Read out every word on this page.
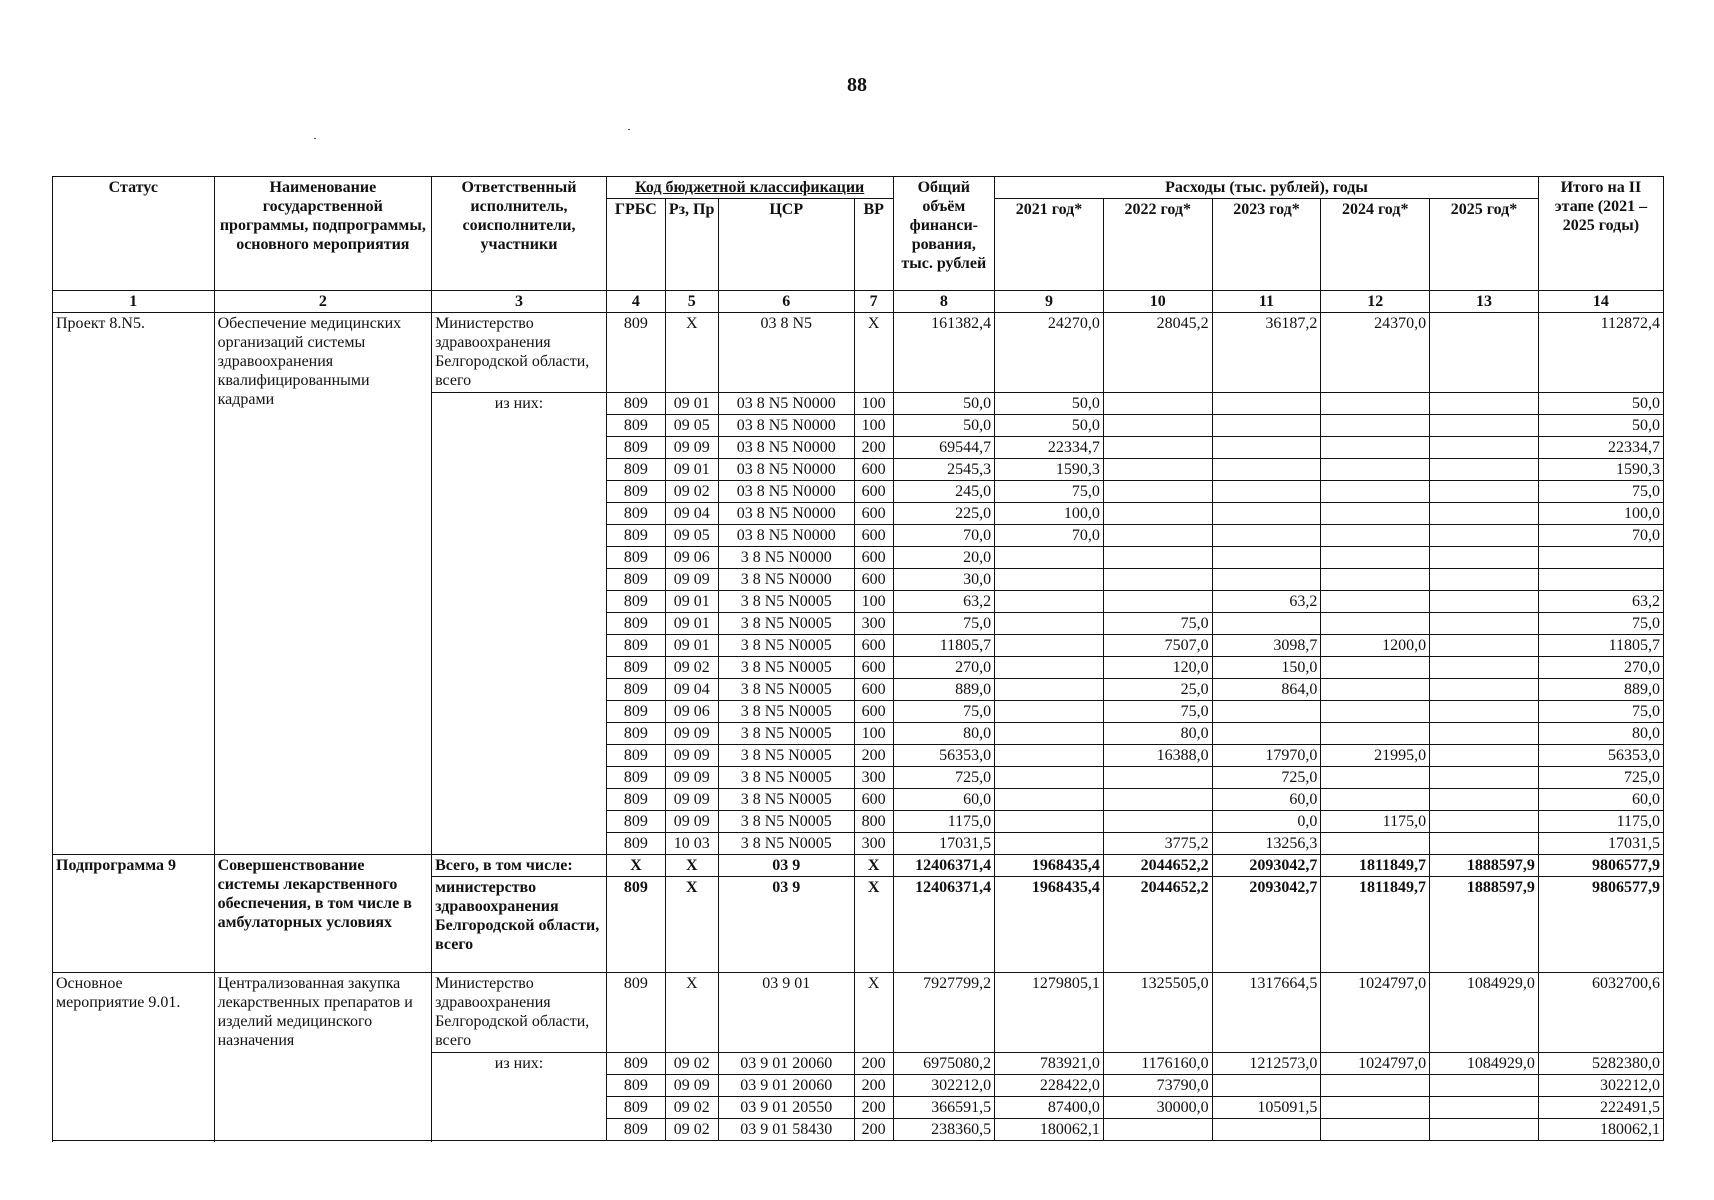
88
Статус	Наименование государственной программы, подпрограммы, основного мероприятия	Ответственный исполнитель, соисполнители, участники	Код бюджетной классификации				Общий объём финанси-рования, тыс. рублей	Расходы (тыс. рублей), годы					Итого на II этапе (2021 – 2025 годы)
			ГРБС	Рз, Пр	ЦСР	ВР		2021 год*	2022 год*	2023 год*	2024 год*	2025 год*	
1	2	3	4	5	6	7	8	9	10	11	12	13	14
Проект 8.N5.	Обеспечение медицинских организаций системы здравоохранения квалифицированными кадрами	Министерство здравоохранения Белгородской области, всего	809	Х	03 8 N5	Х	161382,4	24270,0	28045,2	36187,2	24370,0		112872,4
		из них:	809	09 01	03 8 N5 N0000	100	50,0	50,0					50,0
			809	09 05	03 8 N5 N0000	100	50,0	50,0					50,0
			809	09 09	03 8 N5 N0000	200	69544,7	22334,7					22334,7
			809	09 01	03 8 N5 N0000	600	2545,3	1590,3					1590,3
			809	09 02	03 8 N5 N0000	600	245,0	75,0					75,0
			809	09 04	03 8 N5 N0000	600	225,0	100,0					100,0
			809	09 05	03 8 N5 N0000	600	70,0	70,0					70,0
			809	09 06	3 8 N5 N0000	600	20,0						
			809	09 09	3 8 N5 N0000	600	30,0						
			809	09 01	3 8 N5 N0005	100	63,2			63,2			63,2
			809	09 01	3 8 N5 N0005	300	75,0		75,0				75,0
			809	09 01	3 8 N5 N0005	600	11805,7		7507,0	3098,7	1200,0		11805,7
			809	09 02	3 8 N5 N0005	600	270,0		120,0	150,0			270,0
			809	09 04	3 8 N5 N0005	600	889,0		25,0	864,0			889,0
			809	09 06	3 8 N5 N0005	600	75,0		75,0				75,0
			809	09 09	3 8 N5 N0005	100	80,0		80,0				80,0
			809	09 09	3 8 N5 N0005	200	56353,0		16388,0	17970,0	21995,0		56353,0
			809	09 09	3 8 N5 N0005	300	725,0			725,0			725,0
			809	09 09	3 8 N5 N0005	600	60,0			60,0			60,0
			809	09 09	3 8 N5 N0005	800	1175,0			0,0	1175,0		1175,0
			809	10 03	3 8 N5 N0005	300	17031,5		3775,2	13256,3			17031,5

Подпрограмма 9	Совершенствование системы лекарственного обеспечения, в том числе в амбулаторных условиях	Всего, в том числе:	Х	Х	03 9	Х	12406371,4	1968435,4	2044652,2	2093042,7	1811849,7	1888597,9	9806577,9
		министерство здравоохранения Белгородской области, всего	809	Х	03 9	Х	12406371,4	1968435,4	2044652,2	2093042,7	1811849,7	1888597,9	9806577,9
Основное мероприятие 9.01.	Централизованная закупка лекарственных препаратов и изделий медицинского назначения	Министерство здравоохранения Белгородской области, всего	809	Х	03 9 01	Х	7927799,2	1279805,1	1325505,0	1317664,5	1024797,0	1084929,0	6032700,6
		из них:	809	09 02	03 9 01 20060	200	6975080,2	783921,0	1176160,0	1212573,0	1024797,0	1084929,0	5282380,0
			809	09 09	03 9 01 20060	200	302212,0	228422,0	73790,0				302212,0
			809	09 02	03 9 01 20550	200	366591,5	87400,0	30000,0	105091,5			222491,5
			809	09 02	03 9 01 58430	200	238360,5	180062,1					180062,1
